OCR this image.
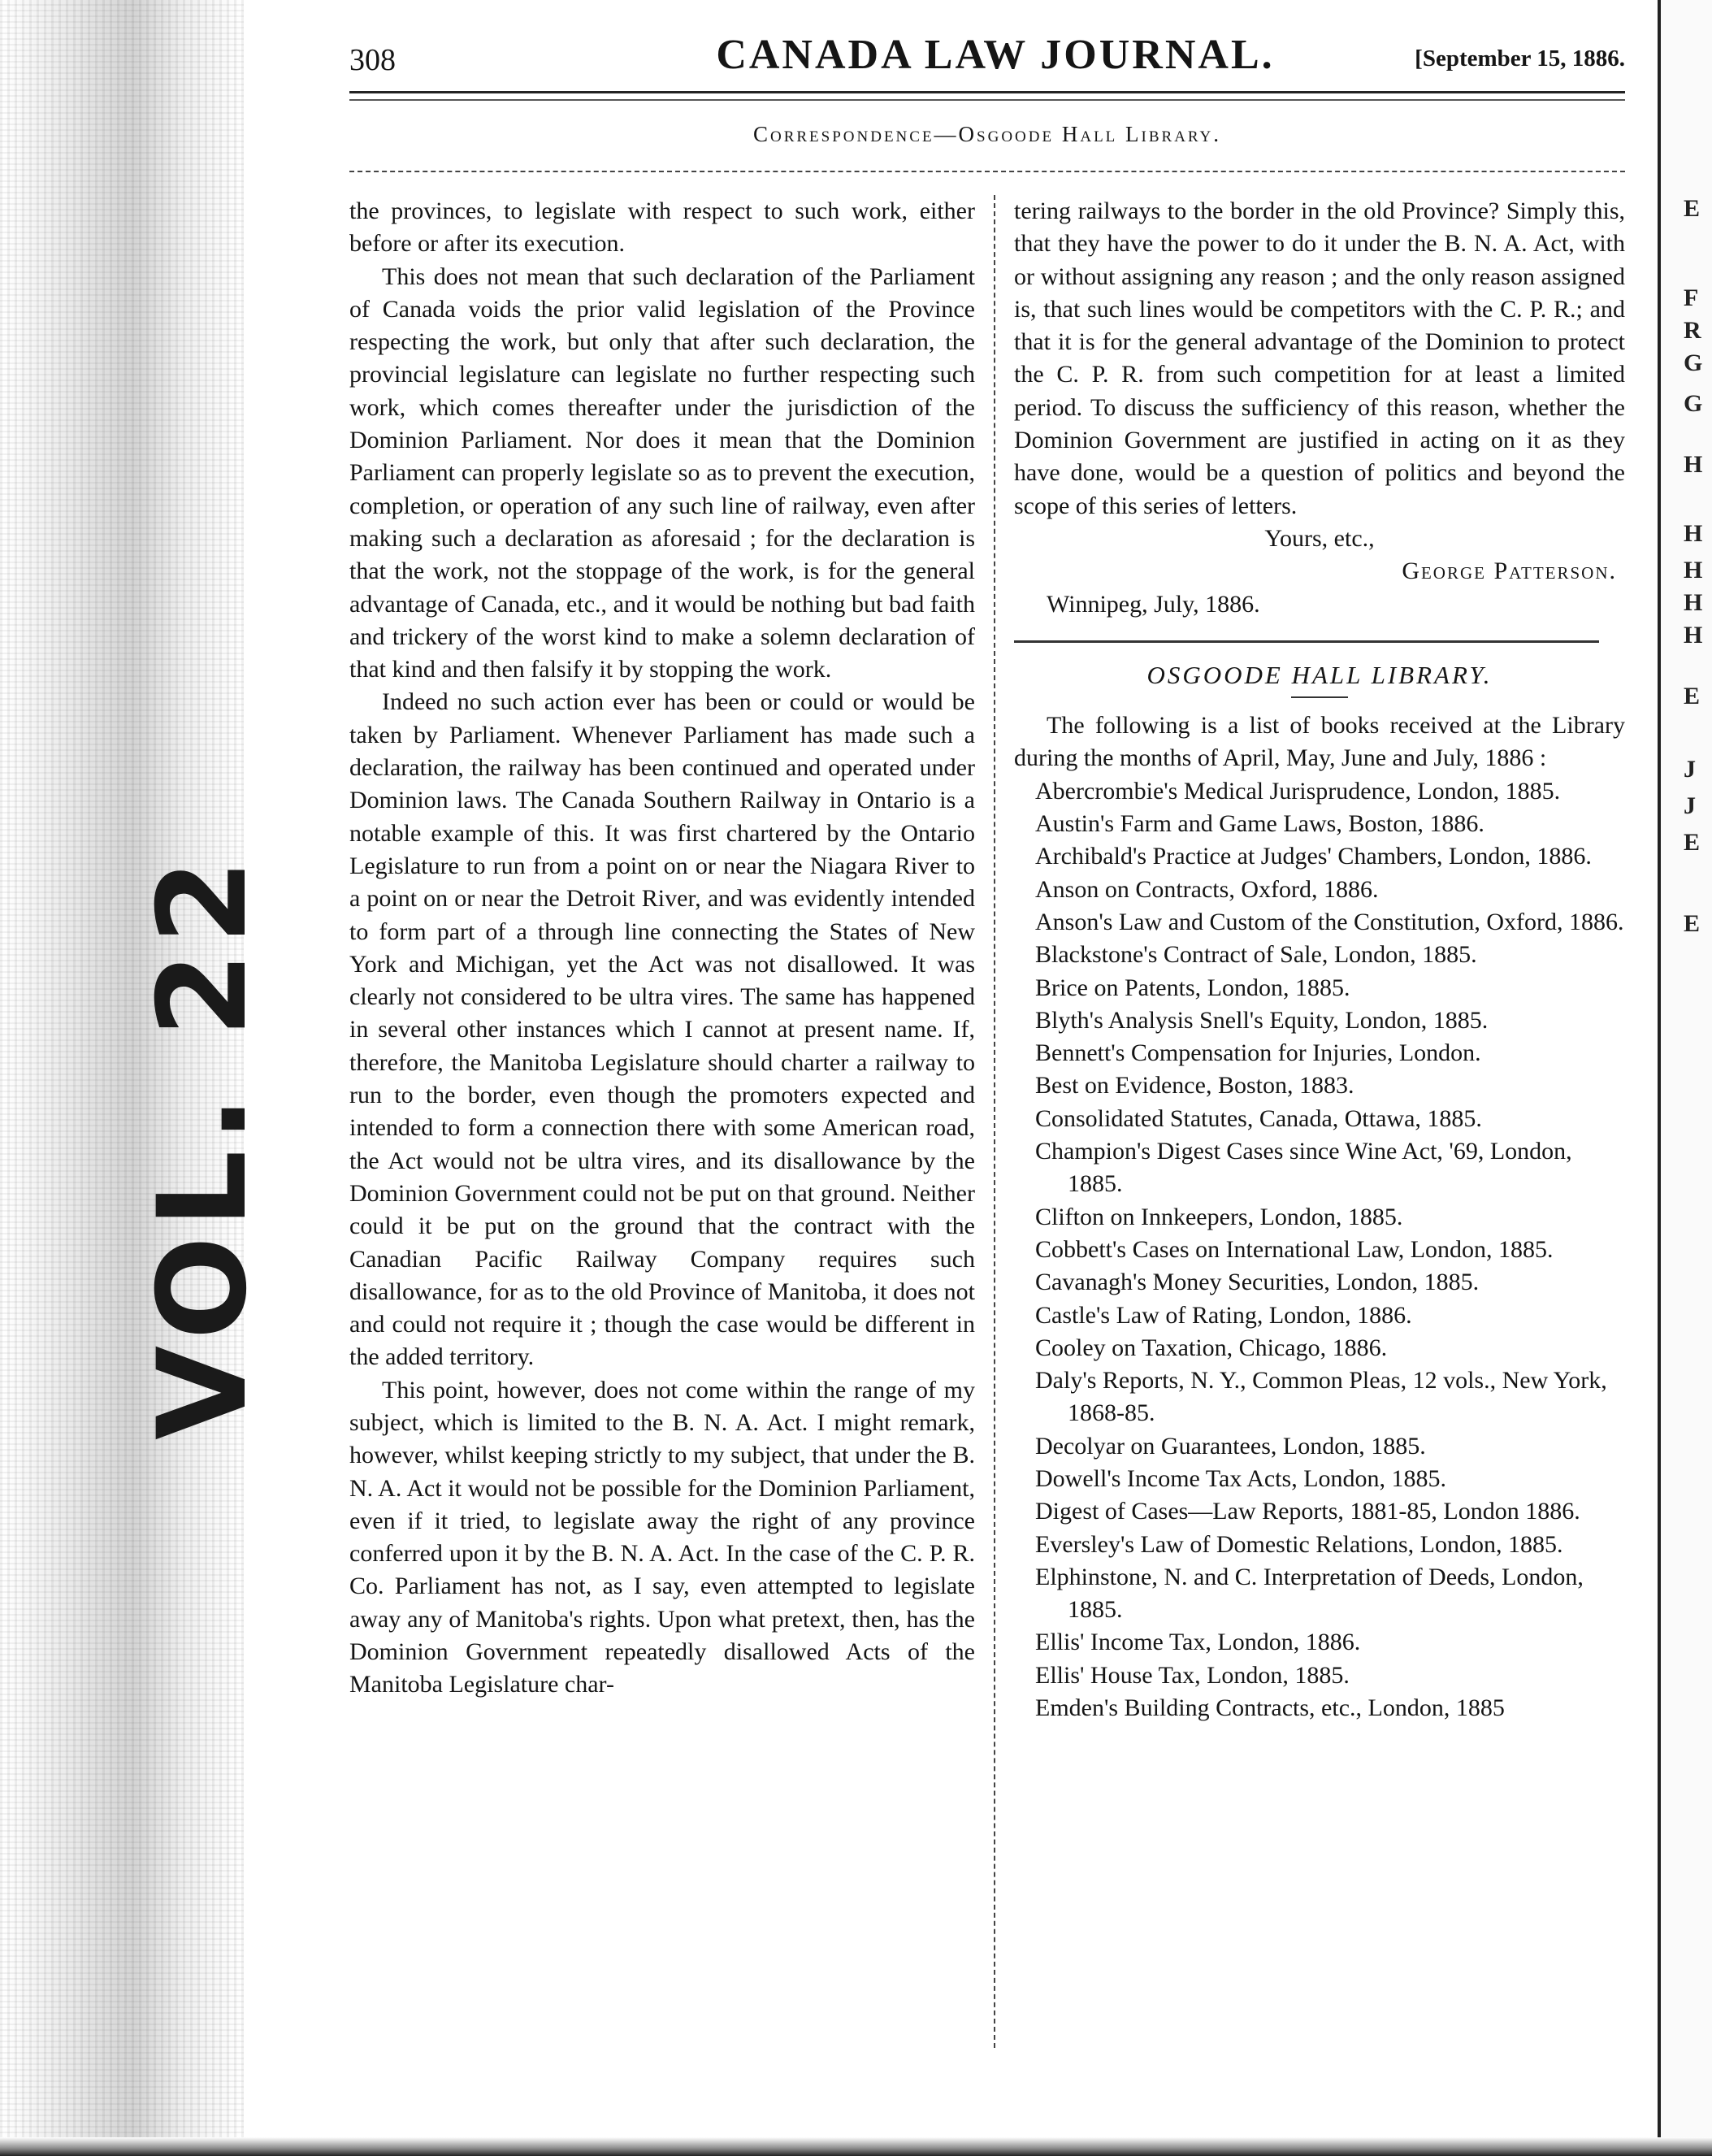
VOL. 22
E
F
R
G
G
H
H
H
H
H
E
J
J
E
E
308	CANADA LAW JOURNAL.	[September 15, 1886.
Correspondence—Osgoode Hall Library.

the provinces, to legislate with respect to such work, either before or after its execution.

This does not mean that such declaration of the Parliament of Canada voids the prior valid legislation of the Province respecting the work, but only that after such declaration, the provincial legislature can legislate no further respecting such work, which comes thereafter under the jurisdiction of the Dominion Parliament. Nor does it mean that the Dominion Parliament can properly legislate so as to prevent the execution, completion, or operation of any such line of railway, even after making such a declaration as aforesaid ; for the declaration is that the work, not the stoppage of the work, is for the general advantage of Canada, etc., and it would be nothing but bad faith and trickery of the worst kind to make a solemn declaration of that kind and then falsify it by stopping the work.

Indeed no such action ever has been or could or would be taken by Parliament. Whenever Parliament has made such a declaration, the railway has been continued and operated under Dominion laws. The Canada Southern Railway in Ontario is a notable example of this. It was first chartered by the Ontario Legislature to run from a point on or near the Niagara River to a point on or near the Detroit River, and was evidently intended to form part of a through line connecting the States of New York and Michigan, yet the Act was not disallowed. It was clearly not considered to be ultra vires. The same has happened in several other instances which I cannot at present name. If, therefore, the Manitoba Legislature should charter a railway to run to the border, even though the promoters expected and intended to form a connection there with some American road, the Act would not be ultra vires, and its disallowance by the Dominion Government could not be put on that ground. Neither could it be put on the ground that the contract with the Canadian Pacific Railway Company requires such disallowance, for as to the old Province of Manitoba, it does not and could not require it ; though the case would be different in the added territory.

This point, however, does not come within the range of my subject, which is limited to the B. N. A. Act. I might remark, however, whilst keeping strictly to my subject, that under the B. N. A. Act it would not be possible for the Dominion Parliament, even if it tried, to legislate away the right of any province conferred upon it by the B. N. A. Act. In the case of the C. P. R. Co. Parliament has not, as I say, even attempted to legislate away any of Manitoba's rights. Upon what pretext, then, has the Dominion Government repeatedly disallowed Acts of the Manitoba Legislature char-

tering railways to the border in the old Province? Simply this, that they have the power to do it under the B. N. A. Act, with or without assigning any reason ; and the only reason assigned is, that such lines would be competitors with the C. P. R.; and that it is for the general advantage of the Dominion to protect the C. P. R. from such competition for at least a limited period. To discuss the sufficiency of this reason, whether the Dominion Government are justified in acting on it as they have done, would be a question of politics and beyond the scope of this series of letters.

Yours, etc.,

George Patterson.

Winnipeg, July, 1886.

OSGOODE HALL LIBRARY.

The following is a list of books received at the Library during the months of April, May, June and July, 1886 :

Abercrombie's Medical Jurisprudence, London, 1885.
Austin's Farm and Game Laws, Boston, 1886.
Archibald's Practice at Judges' Chambers, London, 1886.
Anson on Contracts, Oxford, 1886.
Anson's Law and Custom of the Constitution, Oxford, 1886.
Blackstone's Contract of Sale, London, 1885.
Brice on Patents, London, 1885.
Blyth's Analysis Snell's Equity, London, 1885.
Bennett's Compensation for Injuries, London.
Best on Evidence, Boston, 1883.
Consolidated Statutes, Canada, Ottawa, 1885.
Champion's Digest Cases since Wine Act, '69, London, 1885.
Clifton on Innkeepers, London, 1885.
Cobbett's Cases on International Law, London, 1885.
Cavanagh's Money Securities, London, 1885.
Castle's Law of Rating, London, 1886.
Cooley on Taxation, Chicago, 1886.
Daly's Reports, N. Y., Common Pleas, 12 vols., New York, 1868-85.
Decolyar on Guarantees, London, 1885.
Dowell's Income Tax Acts, London, 1885.
Digest of Cases—Law Reports, 1881-85, London 1886.
Eversley's Law of Domestic Relations, London, 1885.
Elphinstone, N. and C. Interpretation of Deeds, London, 1885.
Ellis' Income Tax, London, 1886.
Ellis' House Tax, London, 1885.
Emden's Building Contracts, etc., London, 1885
